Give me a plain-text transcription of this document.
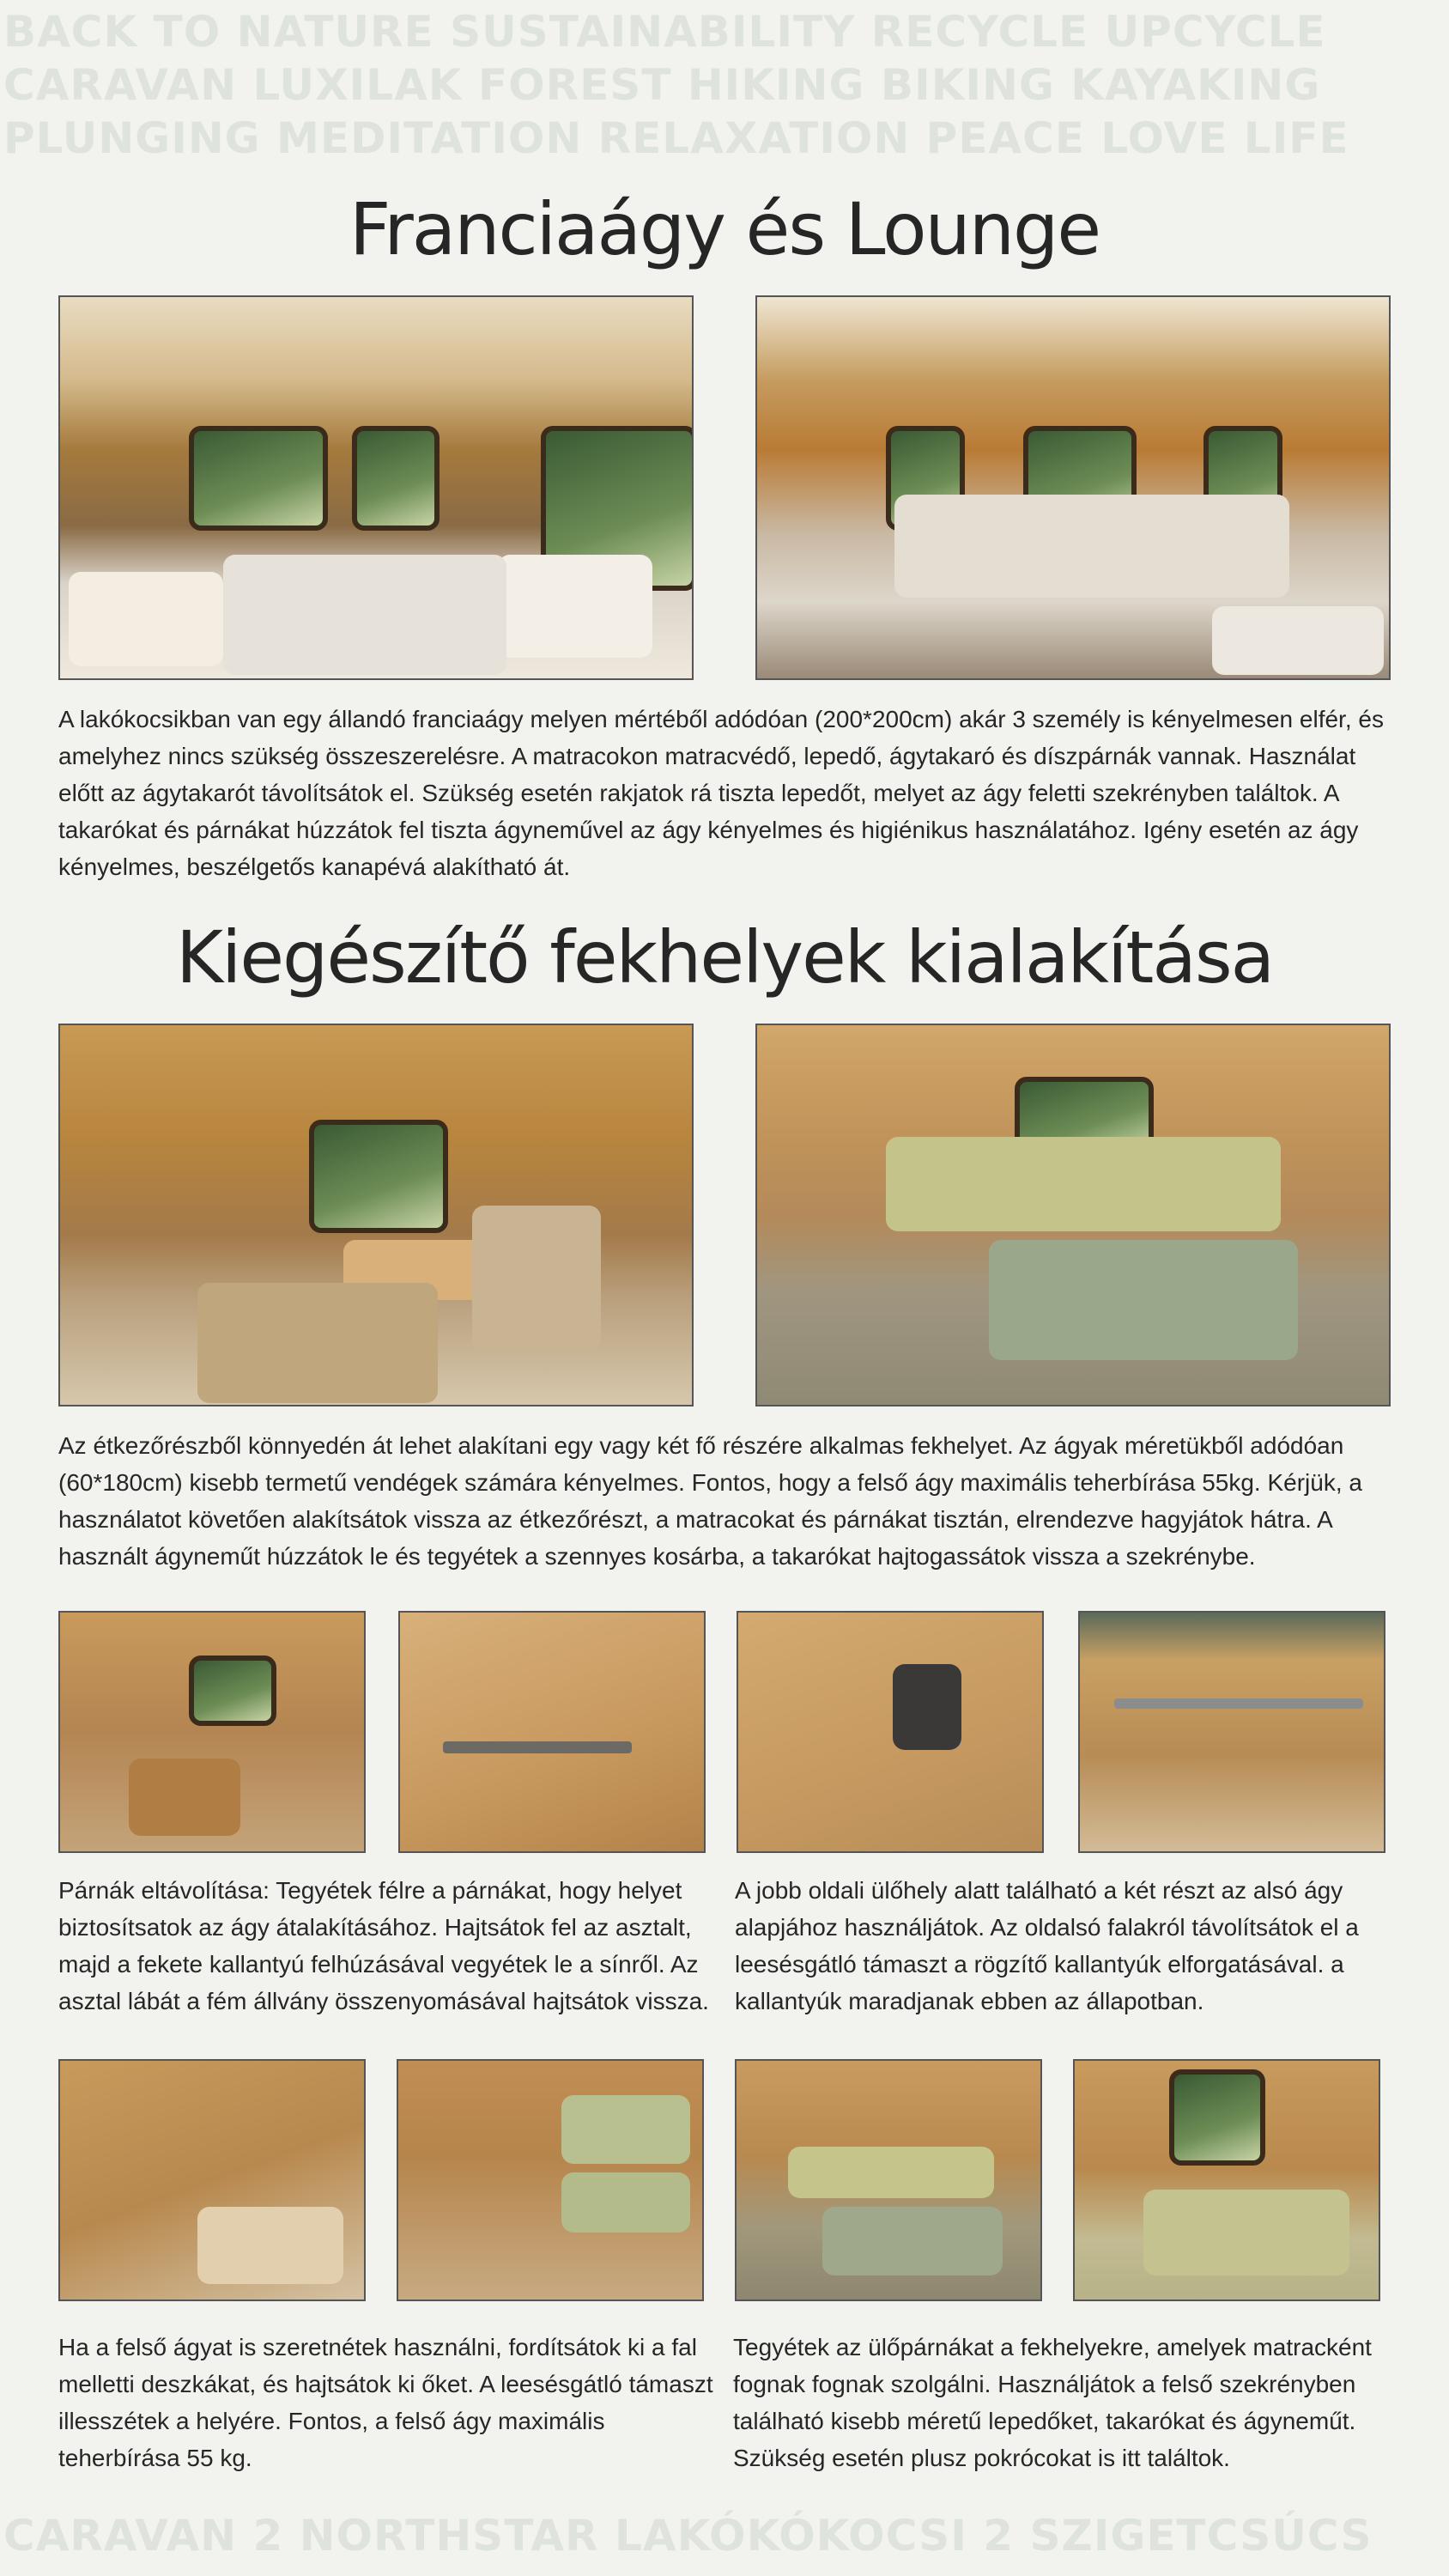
BACK TO NATURE SUSTAINABILITY RECYCLE UPCYCLE
CARAVAN LUXILAK FOREST HIKING BIKING KAYAKING
PLUNGING MEDITATION RELAXATION PEACE LOVE LIFE
Franciaágy és Lounge

A lakókocsikban van egy állandó franciaágy melyen mértéből adódóan (200*200cm) akár 3 személy is kényelmesen elfér, és amelyhez nincs szükség összeszerelésre. A matracokon matracvédő, lepedő, ágytakaró és díszpárnák vannak. Használat előtt az ágytakarót távolítsátok el. Szükség esetén rakjatok rá tiszta lepedőt, melyet az ágy feletti szekrényben találtok. A takarókat és párnákat húzzátok fel tiszta ágyneművel az ágy kényelmes és higiénikus használatához. Igény esetén az ágy kényelmes, beszélgetős kanapévá alakítható át.

Kiegészítő fekhelyek kialakítása

Az étkezőrészből könnyedén át lehet alakítani egy vagy két fő részére alkalmas fekhelyet. Az ágyak méretükből adódóan (60*180cm) kisebb termetű vendégek számára kényelmes. Fontos, hogy a felső ágy maximális teherbírása 55kg. Kérjük, a használatot követően alakítsátok vissza az étkezőrészt, a matracokat és párnákat tisztán, elrendezve hagyjátok hátra. A használt ágyneműt húzzátok le és tegyétek a szennyes kosárba, a takarókat hajtogassátok vissza a szekrénybe.

Párnák eltávolítása: Tegyétek félre a párnákat, hogy helyet biztosítsatok az ágy átalakításához. Hajtsátok fel az asztalt, majd a fekete kallantyú felhúzásával vegyétek le a sínről. Az asztal lábát a fém állvány összenyomásával hajtsátok vissza.

A jobb oldali ülőhely alatt található a két részt az alsó ágy alapjához használjátok. Az oldalsó falakról távolítsátok el a leesésgátló támaszt a rögzítő kallantyúk elforgatásával. a kallantyúk maradjanak ebben az állapotban.

Ha a felső ágyat is szeretnétek használni, fordítsátok ki a fal melletti deszkákat, és hajtsátok ki őket. A leesésgátló támaszt illesszétek a helyére. Fontos, a felső ágy maximális teherbírása 55 kg.

Tegyétek az ülőpárnákat a fekhelyekre, amelyek matracként fognak fognak szolgálni. Használjátok a felső szekrényben található kisebb méretű lepedőket, takarókat és ágyneműt. Szükség esetén plusz pokrócokat is itt találtok.

CARAVAN 2 NORTHSTAR LAKÓKÓKOCSI 2 SZIGETCSÚCS
